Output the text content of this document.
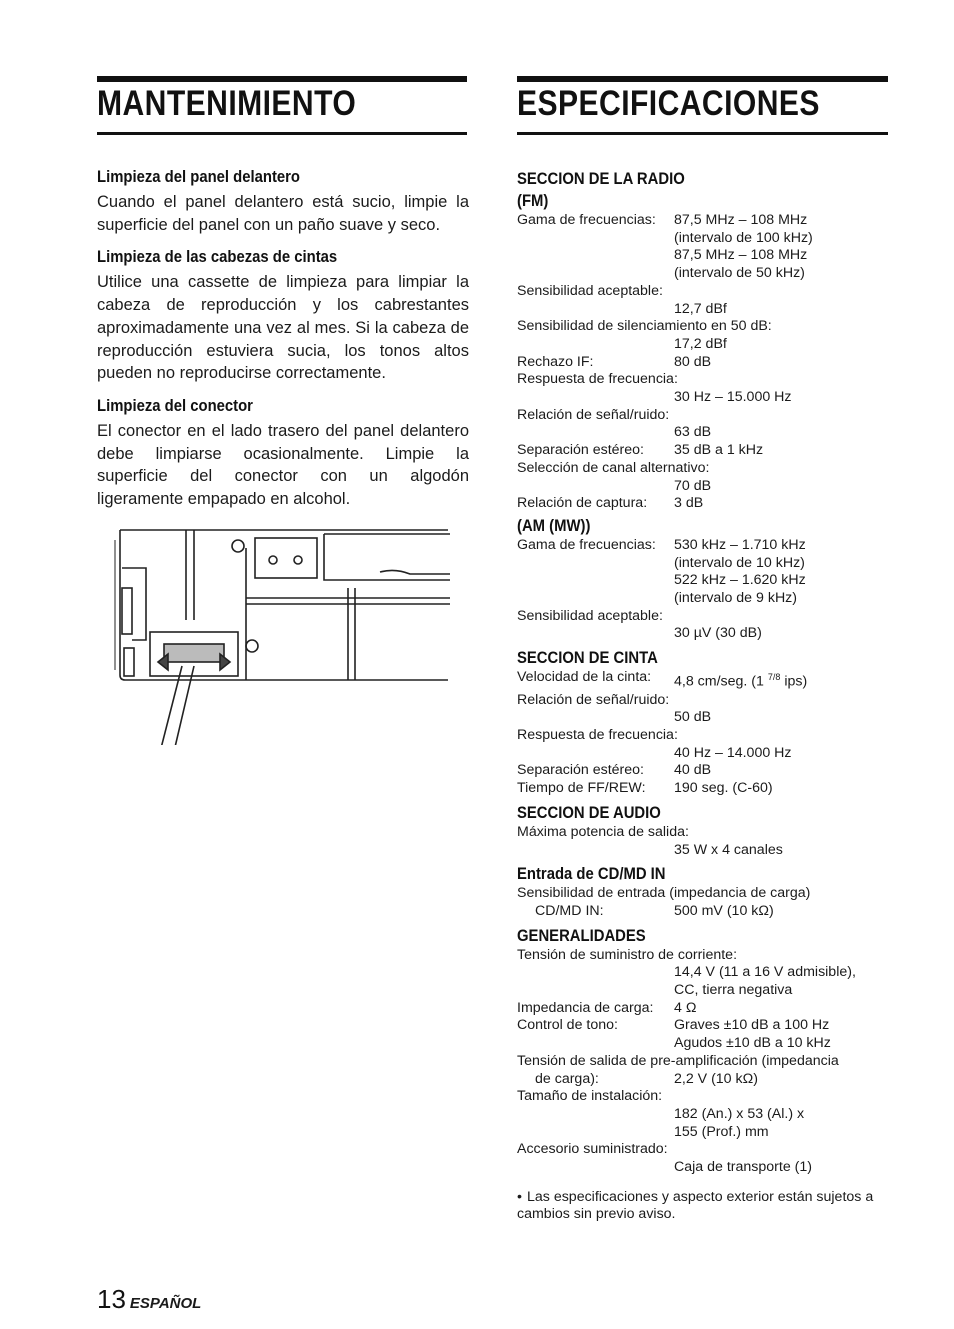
MANTENIMIENTO	ESPECIFICACIONES
Limpieza del panel delantero

Cuando el panel delantero está sucio, limpie la superficie del panel con un paño suave y seco.

Limpieza de las cabezas de cintas

Utilice una cassette de limpieza para limpiar la cabeza de reproducción y los cabrestantes aproximadamente una vez al mes. Si la cabeza de reproducción estuviera sucia, los tonos altos pueden no reproducirse correctamente.

Limpieza del conector

El conector en el lado trasero del panel delantero debe limpiarse ocasionalmente. Limpie la superficie del conector con un algodón ligeramente empapado en alcohol.

SECCION DE LA RADIO
(FM)
Gama de frecuencias:	87,5 MHz – 108 MHz
(intervalo de 100 kHz)
87,5 MHz – 108 MHz
(intervalo de 50 kHz)
Sensibilidad aceptable:
12,7 dBf
Sensibilidad de silenciamiento en 50 dB:
17,2 dBf
Rechazo IF:	80 dB
Respuesta de frecuencia:
30 Hz – 15.000 Hz
Relación de señal/ruido:
63 dB
Separación estéreo:	35 dB a 1 kHz
Selección de canal alternativo:
70 dB
Relación de captura:	3 dB
(AM (MW))
Gama de frecuencias:	530 kHz – 1.710 kHz
(intervalo de 10 kHz)
522 kHz – 1.620 kHz
(intervalo de 9 kHz)
Sensibilidad aceptable:
30 µV (30 dB)
SECCION DE CINTA
Velocidad de la cinta:	4,8 cm/seg. (1 $^{7/8}$ ips)
Relación de señal/ruido:
50 dB
Respuesta de frecuencia:
40 Hz – 14.000 Hz
Separación estéreo:	40 dB
Tiempo de FF/REW:	190 seg. (C-60)
SECCION DE AUDIO
Máxima potencia de salida:
35 W x 4 canales
Entrada de CD/MD IN
Sensibilidad de entrada (impedancia de carga)
CD/MD IN:	500 mV (10 kΩ)
GENERALIDADES
Tensión de suministro de corriente:
14,4 V (11 a 16 V admisible),
CC, tierra negativa
Impedancia de carga:	4 Ω
Control de tono:	Graves ±10 dB a 100 Hz
Agudos ±10 dB a 10 kHz
Tensión de salida de pre-amplificación (impedancia
de carga):	2,2 V (10 kΩ)
Tamaño de instalación:
182 (An.) x 53 (Al.) x
155 (Prof.) mm
Accesorio suministrado:
Caja de transporte (1)
• Las especificaciones y aspecto exterior están sujetos a cambios sin previo aviso.
13 ESPAÑOL
